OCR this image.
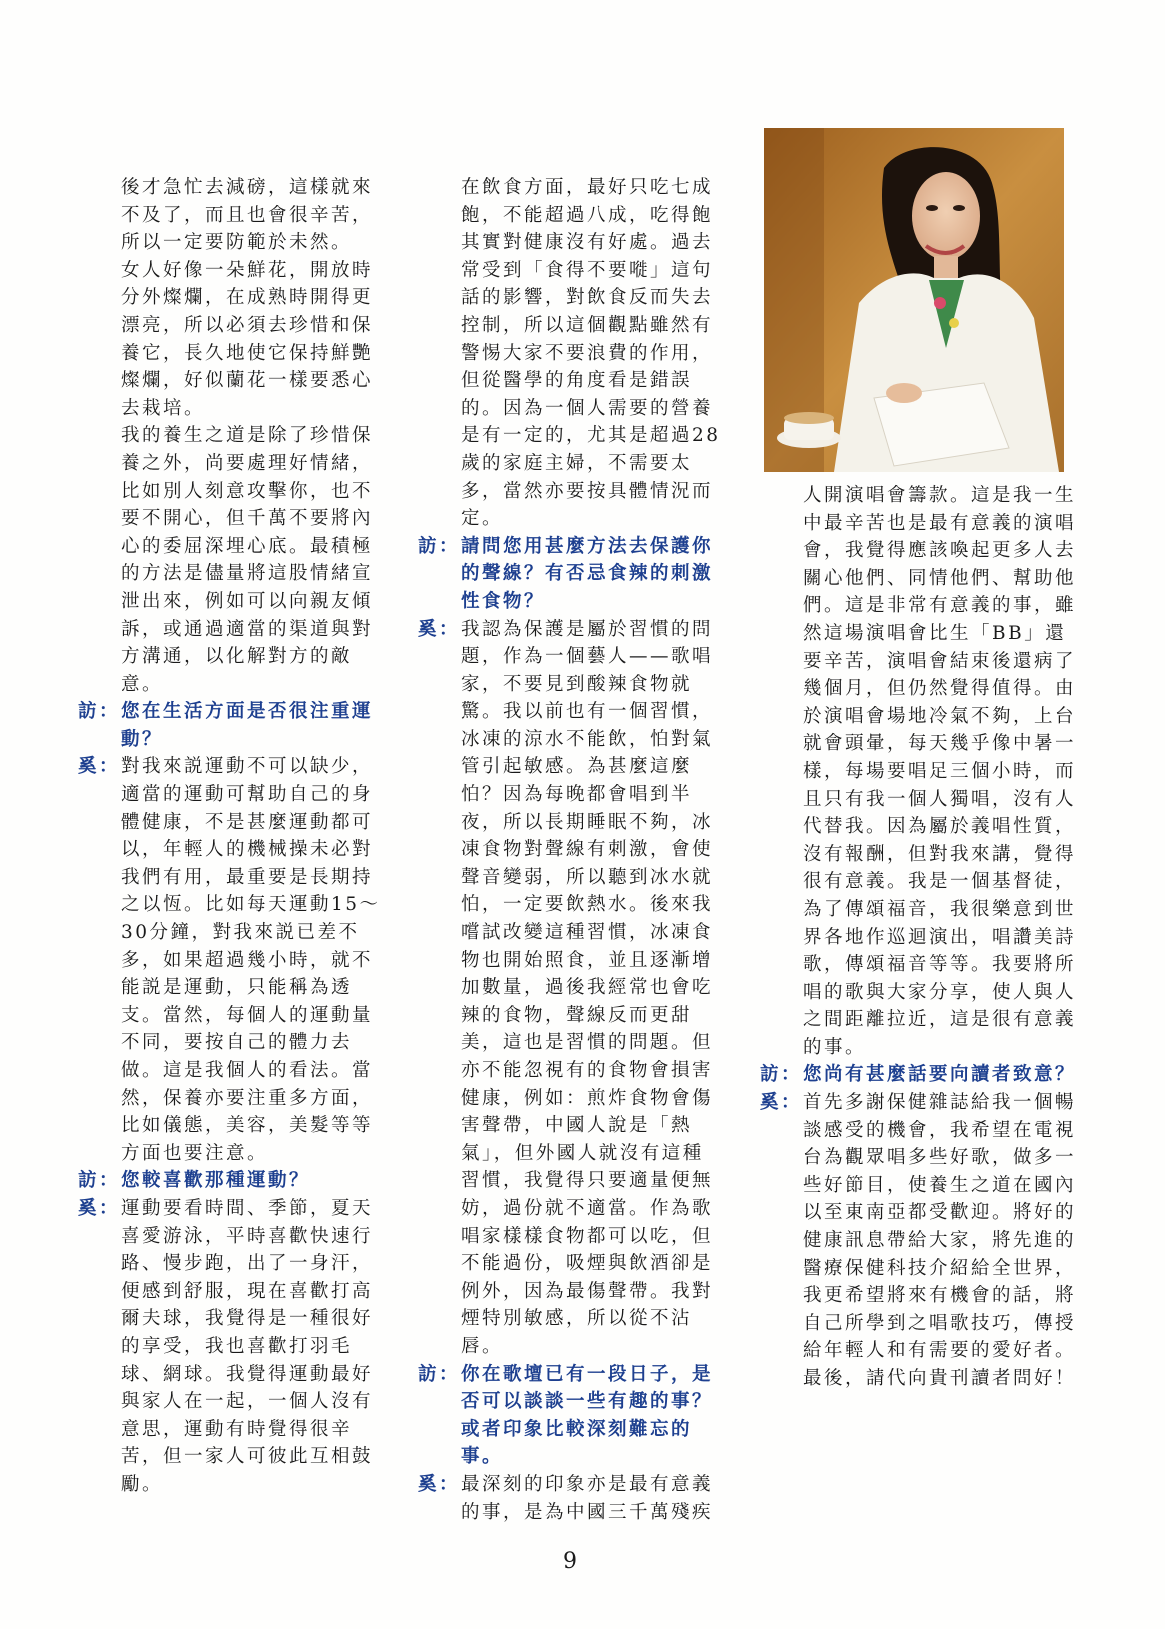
後才急忙去減磅，這樣就來不及了，而且也會很辛苦，所以一定要防範於未然。

女人好像一朵鮮花，開放時分外燦爛，在成熟時開得更漂亮，所以必須去珍惜和保養它，長久地使它保持鮮艷燦爛，好似蘭花一樣要悉心去栽培。

我的養生之道是除了珍惜保養之外，尚要處理好情緒，比如別人刻意攻擊你，也不要不開心，但千萬不要將內心的委屈深埋心底。最積極的方法是儘量將這股情緒宣泄出來，例如可以向親友傾訴，或通過適當的渠道與對方溝通，以化解對方的敵意。

訪： 您在生活方面是否很注重運動？
奚： 對我來説運動不可以缺少，適當的運動可幫助自己的身體健康，不是甚麼運動都可以，年輕人的機械操未必對我們有用，最重要是長期持之以恆。比如每天運動15～30分鐘，對我來説已差不多，如果超過幾小時，就不能説是運動，只能稱為透支。當然，每個人的運動量不同，要按自己的體力去做。這是我個人的看法。當然，保養亦要注重多方面，比如儀態，美容，美髮等等方面也要注意。
訪： 您較喜歡那種運動？
奚： 運動要看時間、季節，夏天喜愛游泳，平時喜歡快速行路、慢步跑，出了一身汗，便感到舒服，現在喜歡打高爾夫球，我覺得是一種很好的享受，我也喜歡打羽毛球、網球。我覺得運動最好與家人在一起，一個人沒有意思，運動有時覺得很辛苦，但一家人可彼此互相鼓勵。

在飲食方面，最好只吃七成飽，不能超過八成，吃得飽其實對健康沒有好處。過去常受到「食得不要嘥」這句話的影響，對飲食反而失去控制，所以這個觀點雖然有警惕大家不要浪費的作用，但從醫學的角度看是錯誤的。因為一個人需要的營養是有一定的，尤其是超過28歲的家庭主婦，不需要太多，當然亦要按具體情況而定。

訪： 請問您用甚麼方法去保護你的聲線？有否忌食辣的刺激性食物？
奚： 我認為保護是屬於習慣的問題，作為一個藝人——歌唱家，不要見到酸辣食物就驚。我以前也有一個習慣，冰凍的涼水不能飲，怕對氣管引起敏感。為甚麼這麼怕？因為每晚都會唱到半夜，所以長期睡眠不夠，冰凍食物對聲線有刺激，會使聲音變弱，所以聽到冰水就怕，一定要飲熱水。後來我嚐試改變這種習慣，冰凍食物也開始照食，並且逐漸增加數量，過後我經常也會吃辣的食物，聲線反而更甜美，這也是習慣的問題。但亦不能忽視有的食物會損害健康，例如：煎炸食物會傷害聲帶，中國人說是「熱氣」，但外國人就沒有這種習慣，我覺得只要適量便無妨，過份就不適當。作為歌唱家樣樣食物都可以吃，但不能過份，吸煙與飲酒卻是例外，因為最傷聲帶。我對煙特別敏感，所以從不沾唇。
訪： 你在歌壇已有一段日子，是否可以談談一些有趣的事？或者印象比較深刻難忘的事。
奚： 最深刻的印象亦是最有意義的事，是為中國三千萬殘疾

人開演唱會籌款。這是我一生中最辛苦也是最有意義的演唱會，我覺得應該喚起更多人去關心他們、同情他們、幫助他們。這是非常有意義的事，雖然這場演唱會比生「BB」還要辛苦，演唱會結束後還病了幾個月，但仍然覺得值得。由於演唱會場地冷氣不夠，上台就會頭暈，每天幾乎像中暑一樣，每場要唱足三個小時，而且只有我一個人獨唱，沒有人代替我。因為屬於義唱性質，沒有報酬，但對我來講，覺得很有意義。我是一個基督徒，為了傳頌福音，我很樂意到世界各地作巡迴演出，唱讚美詩歌，傳頌福音等等。我要將所唱的歌與大家分享，使人與人之間距離拉近，這是很有意義的事。

訪： 您尚有甚麼話要向讀者致意？
奚： 首先多謝保健雜誌給我一個暢談感受的機會，我希望在電視台為觀眾唱多些好歌，做多一些好節目，使養生之道在國內以至東南亞都受歡迎。將好的健康訊息帶給大家，將先進的醫療保健科技介紹給全世界，我更希望將來有機會的話，將自己所學到之唱歌技巧，傳授給年輕人和有需要的愛好者。最後，請代向貴刊讀者問好！
9
